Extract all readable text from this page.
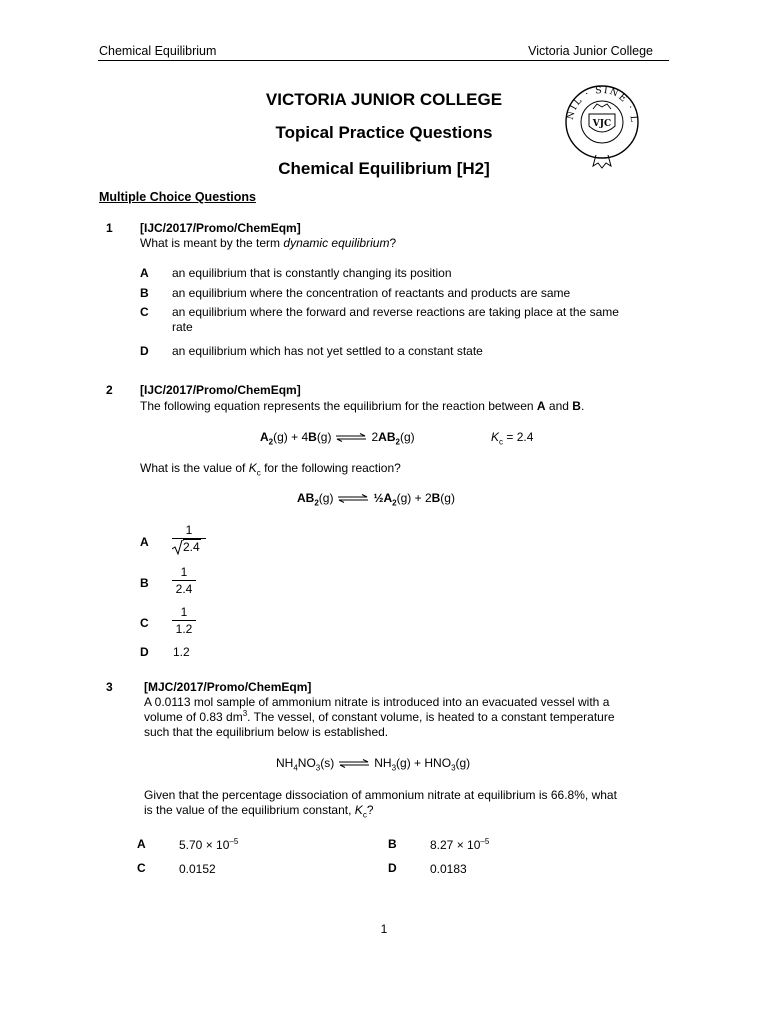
Chemical Equilibrium	Victoria Junior College
VICTORIA JUNIOR COLLEGE
Topical Practice Questions
Chemical Equilibrium [H2]
NIL · SINE · L
VJC
Multiple Choice Questions
1 [IJC/2017/Promo/ChemEqm]
What is meant by the term dynamic equilibrium?
A an equilibrium that is constantly changing its position
B an equilibrium where the concentration of reactants and products are same
C an equilibrium where the forward and reverse reactions are taking place at the same
rate
D an equilibrium which has not yet settled to a constant state
2 [IJC/2017/Promo/ChemEqm]
The following equation represents the equilibrium for the reaction between A and B.
$A_2(g) + 4B(g)$ ⇌ $2AB_2(g)$	$K_c = 2.4$
What is the value of $K_c$ for the following reaction?
$AB_2(g)$ ⇌ $\frac{1}{2}A_2(g) + 2B(g)$
A
1
2.4
B
1
2.4
C
1
1.2
D 1.2
3	[MJC/2017/Promo/ChemEqm]
A 0.0113 mol sample of ammonium nitrate is introduced into an evacuated vessel with a
volume of 0.83 $dm^3$. The vessel, of constant volume, is heated to a constant temperature
such that the equilibrium below is established.
$NH_4NO_3(s)$ ⇌ $NH_3(g) + HNO_3(g)$
Given that the percentage dissociation of ammonium nitrate at equilibrium is 66.8%, what
is the value of the equilibrium constant, $K_c$?
A	$5.70 \times 10^{-5}$	B	$8.27 \times 10^{-5}$
C	0.0152	D	0.0183
1
